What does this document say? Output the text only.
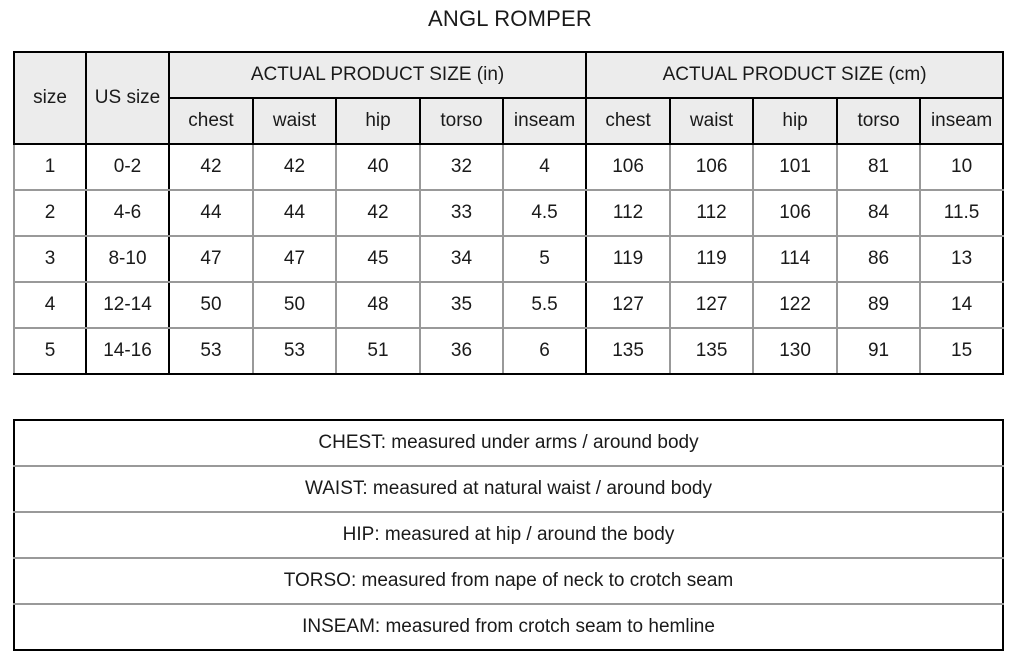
ANGL ROMPER
size	US size	ACTUAL PRODUCT SIZE (in)					ACTUAL PRODUCT SIZE (cm)				
		chest	waist	hip	torso	inseam	chest	waist	hip	torso	inseam
1	0-2	42	42	40	32	4	106	106	101	81	10
2	4-6	44	44	42	33	4.5	112	112	106	84	11.5
3	8-10	47	47	45	34	5	119	119	114	86	13
4	12-14	50	50	48	35	5.5	127	127	122	89	14
5	14-16	53	53	51	36	6	135	135	130	91	15
CHEST: measured under arms / around body
WAIST: measured at natural waist / around body
HIP: measured at hip / around the body
TORSO: measured from nape of neck to crotch seam
INSEAM: measured from crotch seam to hemline
